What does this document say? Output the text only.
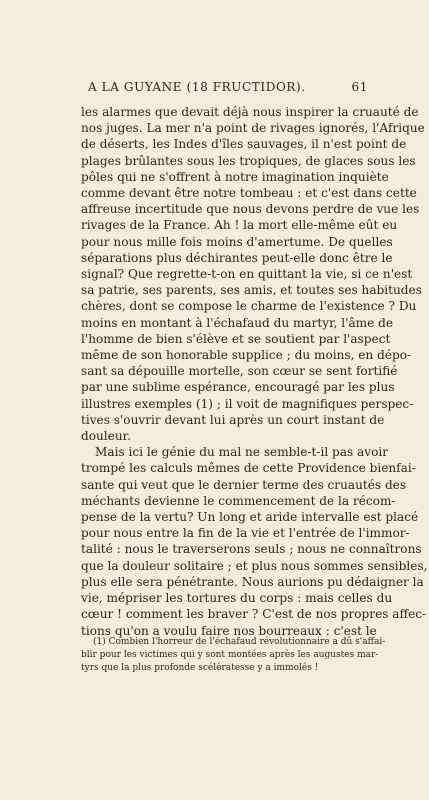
A LA GUYANE (18 FRUCTIDOR).	61
les alarmes que devait déjà nous inspirer la cruauté de
nos juges. La mer n'a point de rivages ignorés, l'Afrique
de déserts, les Indes d'îles sauvages, il n'est point de
plages brûlantes sous les tropiques, de glaces sous les
pôles qui ne s'offrent à notre imagination inquiète
comme devant être notre tombeau : et c'est dans cette
affreuse incertitude que nous devons perdre de vue les
rivages de la France. Ah ! la mort elle-même eût eu
pour nous mille fois moins d'amertume. De quelles
séparations plus déchirantes peut-elle donc être le
signal? Que regrette-t-on en quittant la vie, si ce n'est
sa patrie, ses parents, ses amis, et toutes ses habitudes
chères, dont se compose le charme de l'existence ? Du
moins en montant à l'échafaud du martyr, l'âme de
l'homme de bien s'élève et se soutient par l'aspect
même de son honorable supplice ; du moins, en dépo-
sant sa dépouille mortelle, son cœur se sent fortifié
par une sublime espérance, encouragé par les plus
illustres exemples (1) ; il voit de magnifiques perspec-
tives s'ouvrir devant lui après un court instant de
douleur.
Mais ici le génie du mal ne semble-t-il pas avoir
trompé les calculs mêmes de cette Providence bienfai-
sante qui veut que le dernier terme des cruautés des
méchants devienne le commencement de la récom-
pense de la vertu? Un long et aride intervalle est placé
pour nous entre la fin de la vie et l'entrée de l'immor-
talité : nous le traverserons seuls ; nous ne connaîtrons
que la douleur solitaire ; et plus nous sommes sensibles,
plus elle sera pénétrante. Nous aurions pu dédaigner la
vie, mépriser les tortures du corps : mais celles du
cœur ! comment les braver ? C'est de nos propres affec-
tions qu'on a voulu faire nos bourreaux : c'est le
(1) Combien l'horreur de l'échafaud révolutionnaire a dû s'affai-
blir pour les victimes qui y sont montées après les augustes mar-
tyrs que la plus profonde scélératesse y a immolés !
